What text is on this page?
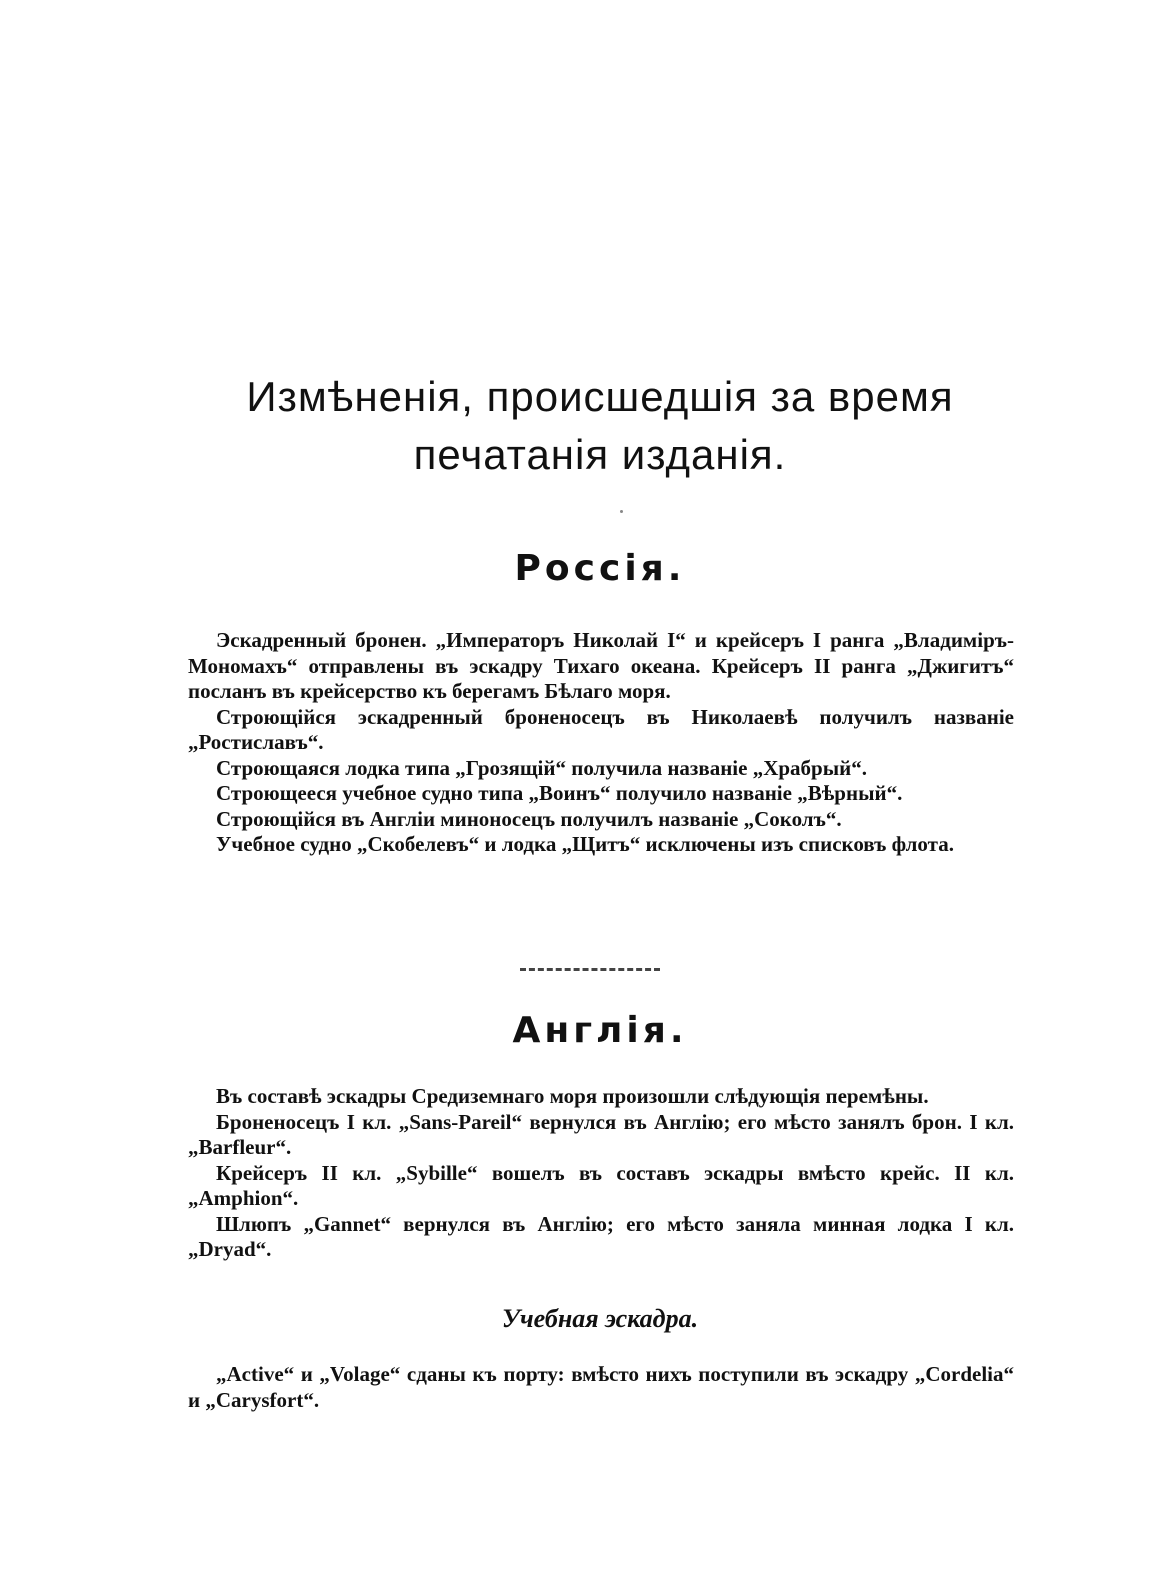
Измѣненія, происшедшія за время
печатанія изданія.
Россія.

Эскадренный бронен. „Императоръ Николай I“ и крейсеръ I ранга „Владиміръ-Мономахъ“ отправлены въ эскадру Тихаго океана. Крейсеръ II ранга „Джигитъ“ посланъ въ крейсерство къ берегамъ Бѣлаго моря.

Строющійся эскадренный броненосецъ въ Николаевѣ получилъ названіе „Ростиславъ“.

Строющаяся лодка типа „Грозящій“ получила названіе „Храбрый“.

Строющееся учебное судно типа „Воинъ“ получило названіе „Вѣрный“.

Строющійся въ Англіи миноносецъ получилъ названіе „Соколъ“.

Учебное судно „Скобелевъ“ и лодка „Щитъ“ исключены изъ списковъ флота.

Англія.

Въ составѣ эскадры Средиземнаго моря произошли слѣдующія перемѣны.

Броненосецъ I кл. „Sans-Pareil“ вернулся въ Англію; его мѣсто занялъ брон. I кл. „Barfleur“.

Крейсеръ II кл. „Sybille“ вошелъ въ составъ эскадры вмѣсто крейс. II кл. „Amphion“.

Шлюпъ „Gannet“ вернулся въ Англію; его мѣсто заняла минная лодка I кл. „Dryad“.

Учебная эскадра.

„Active“ и „Volage“ сданы къ порту: вмѣсто нихъ поступили въ эскадру „Cordelia“ и „Carysfort“.
